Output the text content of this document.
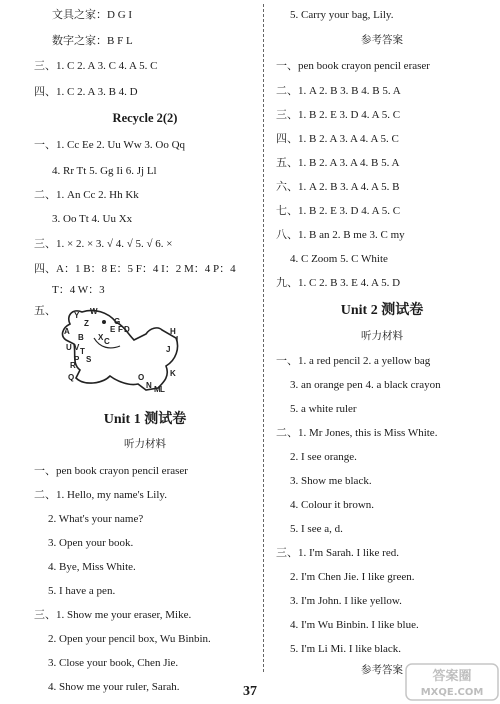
文具之家：D G I
数字之家：B F L
三、1. C 2. A 3. C 4. A 5. C
四、1. C 2. A 3. B 4. D
Recycle 2(2)
一、1. Cc Ee 2. Uu Ww 3. Oo Qq
4. Rr Tt 5. Gg Ii 6. Jj Ll
二、1. An Cc 2. Hh Kk
3. Oo Tt 4. Uu Xx
三、1. × 2. × 3. √ 4. √ 5. √ 6. ×
四、A：1 B：8 E：5 F：4 I：2 M：4 P：4
T：4 W：3
五、 Y
Z	G
F
E D
X
H
I
U V T
S
J
R
Q	O
N M L
K
C
B
A
P
W
Unit 1 测试卷
听力材料
一、pen book crayon pencil eraser
二、1. Hello, my name's Lily.
2. What's your name?
3. Open your book.
4. Bye, Miss White.
5. I have a pen.
三、1. Show me your eraser, Mike.
2. Open your pencil box, Wu Binbin.
3. Close your book, Chen Jie.
4. Show me your ruler, Sarah.
5. Carry your bag, Lily.
参考答案
一、pen book crayon pencil eraser
二、1. A 2. B 3. B 4. B 5. A
三、1. B 2. E 3. D 4. A 5. C
四、1. B 2. A 3. A 4. A 5. C
五、1. B 2. A 3. A 4. B 5. A
六、1. A 2. B 3. A 4. A 5. B
七、1. B 2. E 3. D 4. A 5. C
八、1. B an 2. B me 3. C my
4. C Zoom 5. C White
九、1. C 2. B 3. E 4. A 5. D
Unit 2 测试卷
听力材料
一、1. a red pencil 2. a yellow bag
3. an orange pen 4. a black crayon
5. a white ruler
二、1. Mr Jones, this is Miss White.
2. I see orange.
3. Show me black.
4. Colour it brown.
5. I see a, d.
三、1. I'm Sarah. I like red.
2. I'm Chen Jie. I like green.
3. I'm John. I like yellow.
4. I'm Wu Binbin. I like blue.
5. I'm Li Mi. I like black.
参考答案
37
答案圈
MXQE.COM
